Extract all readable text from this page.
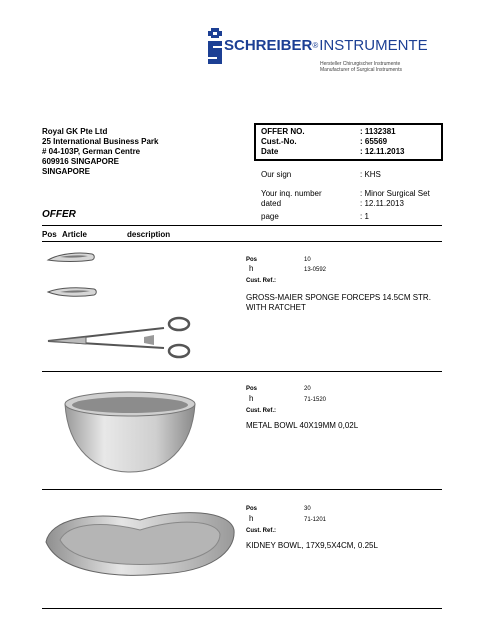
SCHREIBER®INSTRUMENTE
Hersteller Chirurgischer Instrumente
Manufacturer of Surgical Instruments
Royal GK Pte Ltd
25 International Business Park
# 04-103P, German Centre
609916 SINGAPORE
SINGAPORE
OFFER NO.	: 1132381
Cust.-No.	: 65569
Date	: 12.11.2013
Our sign	: KHS
Your inq. number	: Minor Surgical Set
dated	: 12.11.2013
page	: 1
OFFER
Pos Article	description
Pos	10
h	13-0592
Cust. Ref.:
GROSS-MAIER SPONGE FORCEPS 14.5CM STR. WITH RATCHET
Pos	20
h	71-1520
Cust. Ref.:
METAL BOWL 40X19MM 0,02L
Pos	30
h	71-1201
Cust. Ref.:
KIDNEY BOWL, 17X9,5X4CM, 0.25L
